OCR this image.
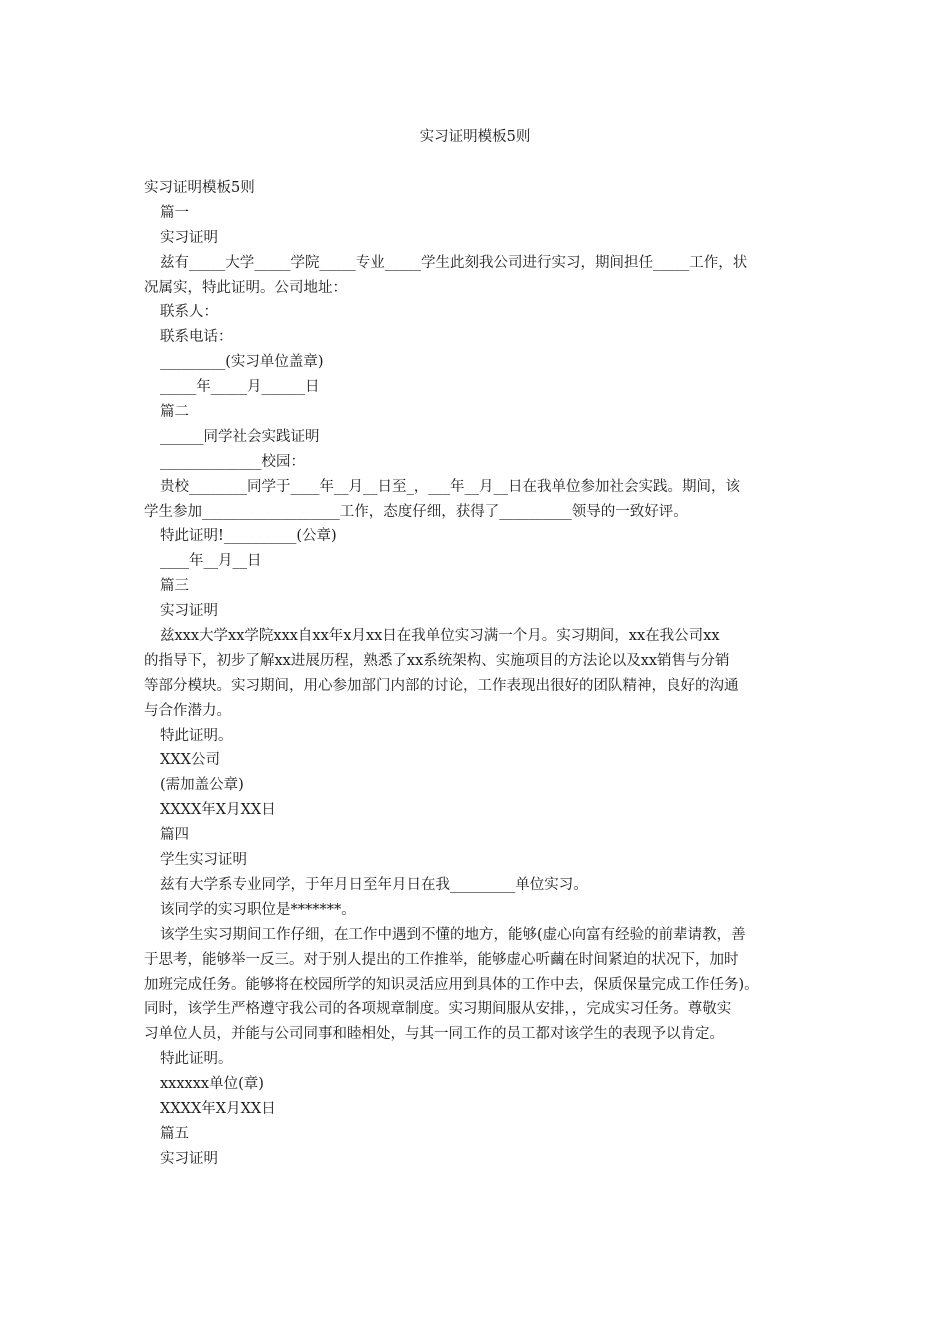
实习证明模板5则
实习证明模板5则
篇一
实习证明
兹有_____大学_____学院_____专业_____学生此刻我公司进行实习，期间担任_____工作，状
况属实，特此证明。公司地址：
联系人：
联系电话：
_________(实习单位盖章)
_____年_____月______日
篇二
______同学社会实践证明
______________校园：
贵校________同学于____年__月__日至_，___年__月__日在我单位参加社会实践。期间，该
学生参加___________________工作，态度仔细，获得了__________领导的一致好评。
特此证明!__________(公章)
____年__月__日
篇三
实习证明
兹xxx大学xx学院xxx自xx年x月xx日在我单位实习满一个月。实习期间，xx在我公司xx
的指导下，初步了解xx进展历程，熟悉了xx系统架构、实施项目的方法论以及xx销售与分销
等部分模块。实习期间，用心参加部门内部的讨论，工作表现出很好的团队精神，良好的沟通
与合作潜力。
特此证明。
XXX公司
(需加盖公章)
XXXX年X月XX日
篇四
学生实习证明
兹有大学系专业同学，于年月日至年月日在我_________单位实习。
该同学的实习职位是*******。
该学生实习期间工作仔细，在工作中遇到不懂的地方，能够(虚心向富有经验的前辈请教，善
于思考，能够举一反三。对于别人提出的工作推举，能够虚心听繭在时间紧迫的状况下，加时
加班完成任务。能够将在校园所学的知识灵活应用到具体的工作中去，保质保量完成工作任务)。
同时，该学生严格遵守我公司的各项规章制度。实习期间服从安排，，完成实习任务。尊敬实
习单位人员，并能与公司同事和睦相处，与其一同工作的员工都对该学生的表现予以肯定。
特此证明。
xxxxxx单位(章)
XXXX年X月XX日
篇五
实习证明
